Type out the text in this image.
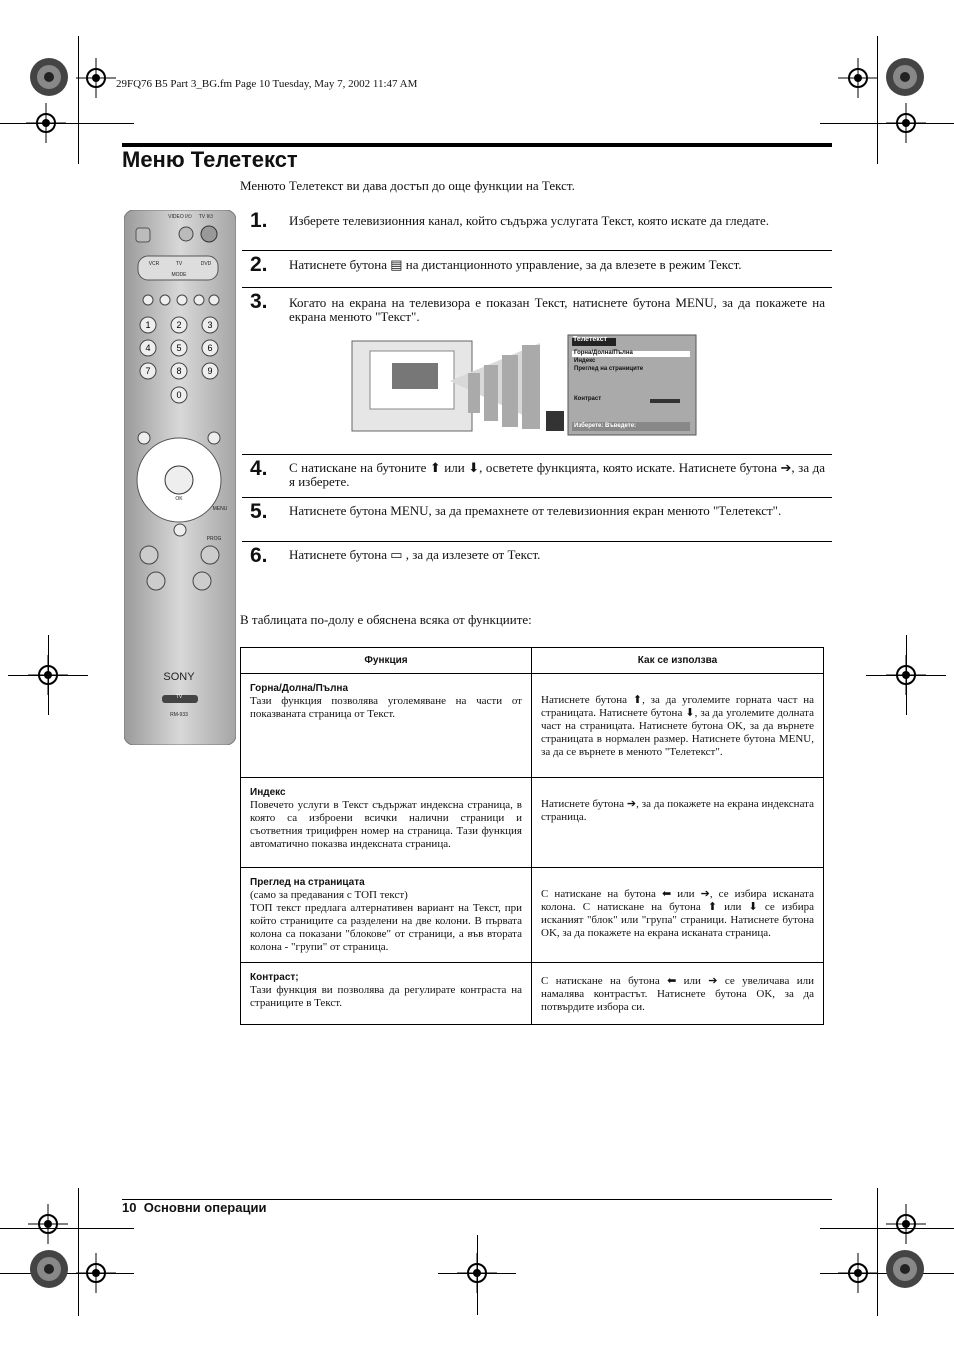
29FQ76 B5 Part 3_BG.fm Page 10 Tuesday, May 7, 2002 11:47 AM
Меню Телетекст
Менюто Телетекст ви дава достъп до още функции на Текст.
VIDEO I/⏻ TV I/⏻
VCR	TV	DVD
MODE
OK
MENU
PROG
SONY
TV
RM-933
1	2	3
4	5	6
7	8	9
0
1. Изберете телевизионния канал, който съдържа услугата Текст, която искате да гледате.
2. Натиснете бутона ▤ на дистанционното управление, за да влезете в режим Текст.
3. Когато на екрана на телевизора е показан Текст, натиснете бутона MENU, за да покажете на екрана менюто "Текст".
Телетекст
Горна/Долна/Пълна
Индекс
Преглед на страниците
Контраст
Изберете: Въведете:
4. С натискане на бутоните ⬆ или ⬇, осветете функцията, която искате. Натиснете бутона ➔, за да я изберете.
5. Натиснете бутона MENU, за да премахнете от телевизионния екран менюто "Телетекст".
6. Натиснете бутона ▭ , за да излезете от Текст.
В таблицата по-долу е обяснена всяка от функциите:
Функция	Как се използва

Горна/Долна/Пълна
Тази функция позволява уголемяване на части от показваната страница от Текст.	Натиснете бутона ⬆, за да уголемите горната част на страницата. Натиснете бутона ⬇, за да уголемите долната част на страницата. Натиснете бутона OK, за да върнете страницата в нормален размер. Натиснете бутона MENU, за да се върнете в менюто "Телетекст".

Индекс
Повечето услуги в Текст съдържат индексна страница, в която са изброени всички налични страници и съответния трицифрен номер на страница. Тази функция автоматично показва индексната страница.	Натиснете бутона ➔, за да покажете на екрана индексната страница.

Преглед на страницата
(само за предавания с ТОП текст)
ТОП текст предлага алтернативен вариант на Текст, при който страниците са разделени на две колони. В първата колона са показани "блокове" от страници, а във втората колона - "групи" от страница.	С натискане на бутона ⬅ или ➔, се избира исканата колона. С натискане на бутона ⬆ или ⬇ се избира исканият "блок" или "група" страници. Натиснете бутона OK, за да покажете на екрана исканата страница.

Контраст;
Тази функция ви позволява да регулирате контраста на страниците в Текст.	С натискане на бутона ⬅ или ➔ се увеличава или намалява контрастът. Натиснете бутона OK, за да потвърдите избора си.
10 Основни операции
